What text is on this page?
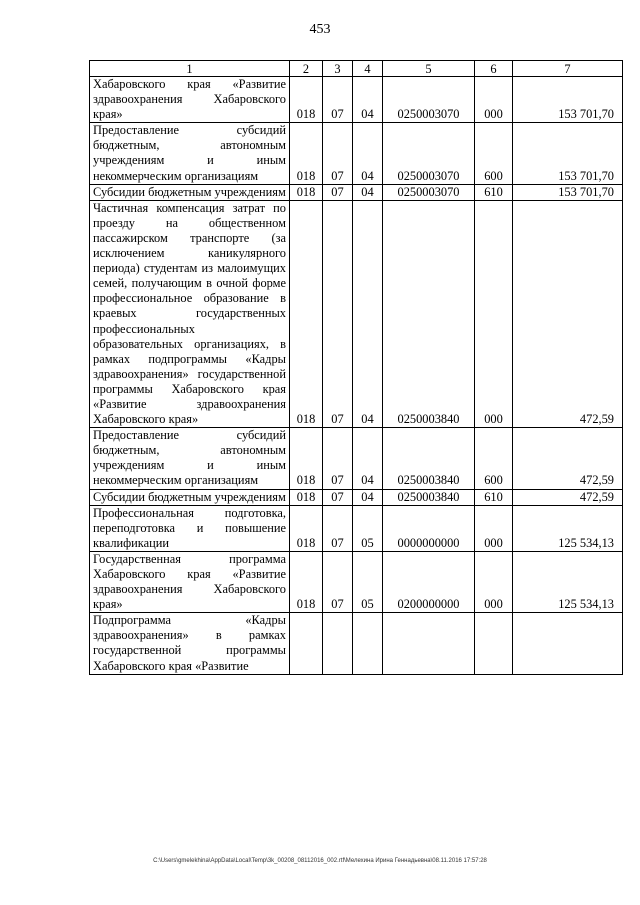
453
1	2	3	4	5	6	7
Хабаровского края «Развитие здравоохранения Хабаровского края»	018	07	04	0250003070	000	153 701,70
Предоставление субсидий бюджетным, автономным учреждениям и иным некоммерческим организациям	018	07	04	0250003070	600	153 701,70
Субсидии бюджетным учреждениям	018	07	04	0250003070	610	153 701,70
Частичная компенсация затрат по проезду на общественном пассажирском транспорте (за исключением каникулярного периода) студентам из малоимущих семей, получающим в очной форме профессиональное образование в краевых государственных профессиональных образовательных организациях, в рамках подпрограммы «Кадры здравоохранения» государственной программы Хабаровского края «Развитие здравоохранения Хабаровского края»	018	07	04	0250003840	000	472,59
Предоставление субсидий бюджетным, автономным учреждениям и иным некоммерческим организациям	018	07	04	0250003840	600	472,59
Субсидии бюджетным учреждениям	018	07	04	0250003840	610	472,59
Профессиональная подготовка, переподготовка и повышение квалификации	018	07	05	0000000000	000	125 534,13
Государственная программа Хабаровского края «Развитие здравоохранения Хабаровского края»	018	07	05	0200000000	000	125 534,13
Подпрограмма «Кадры здравоохранения» в рамках государственной программы Хабаровского края «Развитие						
C:\Users\gmelekhina\AppData\Local\Temp\3k_00208_08112016_002.rtf\Мелехина Ирина Геннадьевна\08.11.2016 17:57:28
